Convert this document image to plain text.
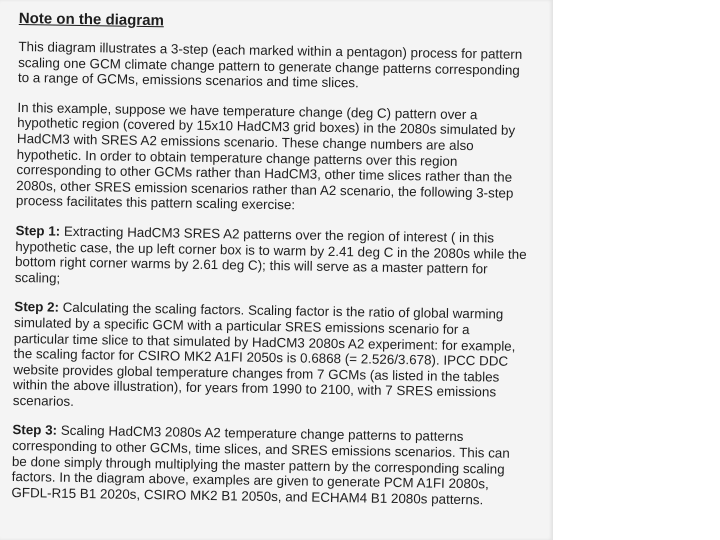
Note on the diagram
This diagram illustrates a 3-step (each marked within a pentagon) process for pattern scaling one GCM climate change pattern to generate change patterns corresponding to a range of GCMs, emissions scenarios and time slices.
In this example, suppose we have temperature change (deg C) pattern over a hypothetic region (covered by 15x10 HadCM3 grid boxes) in the 2080s simulated by HadCM3 with SRES A2 emissions scenario. These change numbers are also hypothetic. In order to obtain temperature change patterns over this region corresponding to other GCMs rather than HadCM3, other time slices rather than the 2080s, other SRES emission scenarios rather than A2 scenario, the following 3-step process facilitates this pattern scaling exercise:
Step 1: Extracting HadCM3 SRES A2 patterns over the region of interest ( in this hypothetic case, the up left corner box is to warm by 2.41 deg C in the 2080s while the bottom right corner warms by 2.61 deg C); this will serve as a master pattern for scaling;
Step 2: Calculating the scaling factors. Scaling factor is the ratio of global warming simulated by a specific GCM with a particular SRES emissions scenario for a particular time slice to that simulated by HadCM3 2080s A2 experiment: for example, the scaling factor for CSIRO MK2 A1FI 2050s is 0.6868 (= 2.526/3.678). IPCC DDC website provides global temperature changes from 7 GCMs (as listed in the tables within the above illustration), for years from 1990 to 2100, with 7 SRES emissions scenarios.
Step 3: Scaling HadCM3 2080s A2 temperature change patterns to patterns corresponding to other GCMs, time slices, and SRES emissions scenarios. This can be done simply through multiplying the master pattern by the corresponding scaling factors. In the diagram above, examples are given to generate PCM A1FI 2080s, GFDL-R15 B1 2020s, CSIRO MK2 B1 2050s, and ECHAM4 B1 2080s patterns.
